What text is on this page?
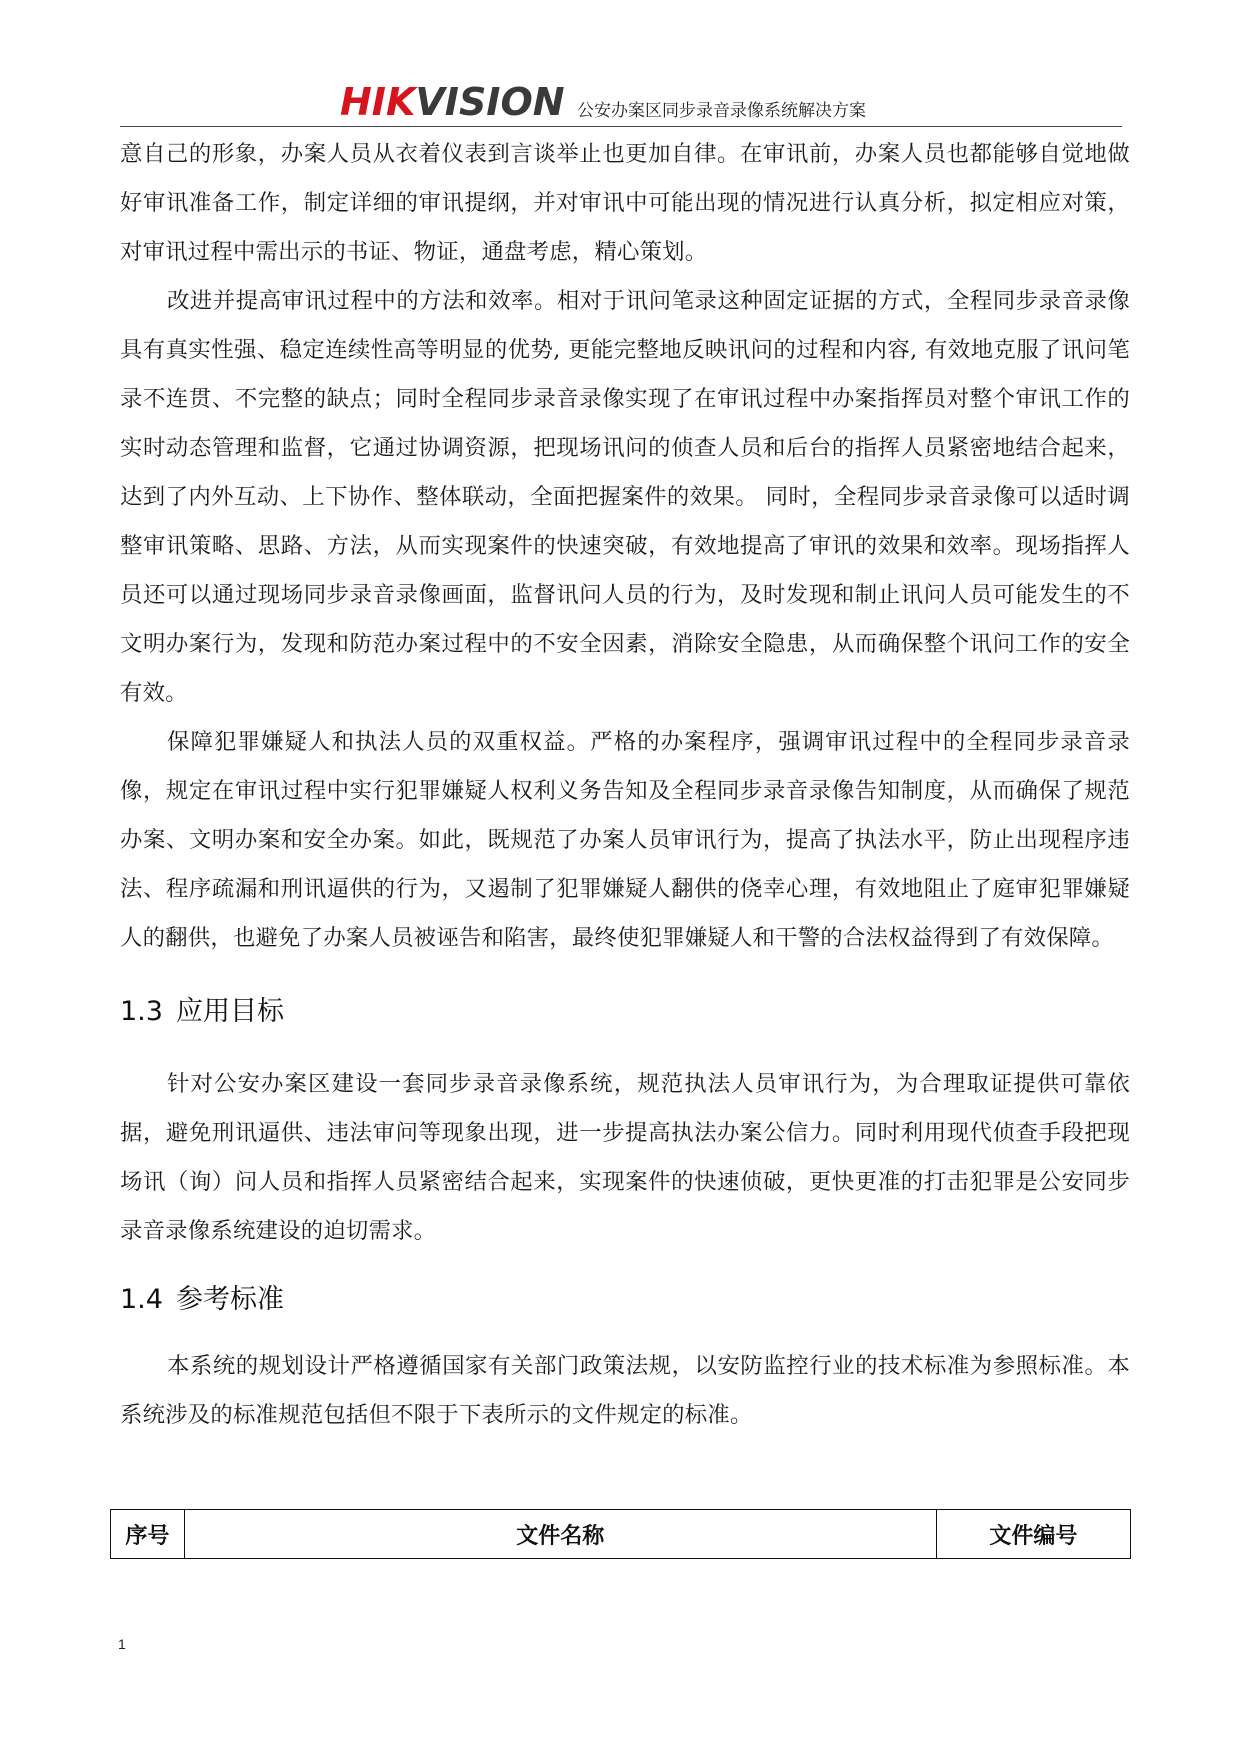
HIKVISION 公安办案区同步录音录像系统解决方案

意自己的形象，办案人员从衣着仪表到言谈举止也更加自律。在审讯前，办案人员也都能够自觉地做好审讯准备工作，制定详细的审讯提纲，并对审讯中可能出现的情况进行认真分析，拟定相应对策，对审讯过程中需出示的书证、物证，通盘考虑，精心策划。

改进并提高审讯过程中的方法和效率。相对于讯问笔录这种固定证据的方式，全程同步录音录像具有真实性强、稳定连续性高等明显的优势, 更能完整地反映讯问的过程和内容, 有效地克服了讯问笔录不连贯、不完整的缺点；同时全程同步录音录像实现了在审讯过程中办案指挥员对整个审讯工作的实时动态管理和监督，它通过协调资源，把现场讯问的侦查人员和后台的指挥人员紧密地结合起来，达到了内外互动、上下协作、整体联动，全面把握案件的效果。 同时，全程同步录音录像可以适时调整审讯策略、思路、方法，从而实现案件的快速突破，有效地提高了审讯的效果和效率。现场指挥人员还可以通过现场同步录音录像画面，监督讯问人员的行为，及时发现和制止讯问人员可能发生的不文明办案行为，发现和防范办案过程中的不安全因素，消除安全隐患，从而确保整个讯问工作的安全有效。

保障犯罪嫌疑人和执法人员的双重权益。严格的办案程序，强调审讯过程中的全程同步录音录像，规定在审讯过程中实行犯罪嫌疑人权利义务告知及全程同步录音录像告知制度，从而确保了规范办案、文明办案和安全办案。如此，既规范了办案人员审讯行为，提高了执法水平，防止出现程序违法、程序疏漏和刑讯逼供的行为，又遏制了犯罪嫌疑人翻供的侥幸心理，有效地阻止了庭审犯罪嫌疑人的翻供，也避免了办案人员被诬告和陷害，最终使犯罪嫌疑人和干警的合法权益得到了有效保障。

1.3 应用目标

针对公安办案区建设一套同步录音录像系统，规范执法人员审讯行为，为合理取证提供可靠依据，避免刑讯逼供、违法审问等现象出现，进一步提高执法办案公信力。同时利用现代侦查手段把现场讯（询）问人员和指挥人员紧密结合起来，实现案件的快速侦破，更快更准的打击犯罪是公安同步录音录像系统建设的迫切需求。

1.4 参考标准

本系统的规划设计严格遵循国家有关部门政策法规，以安防监控行业的技术标准为参照标准。本系统涉及的标准规范包括但不限于下表所示的文件规定的标准。

序号	文件名称	文件编号
1
